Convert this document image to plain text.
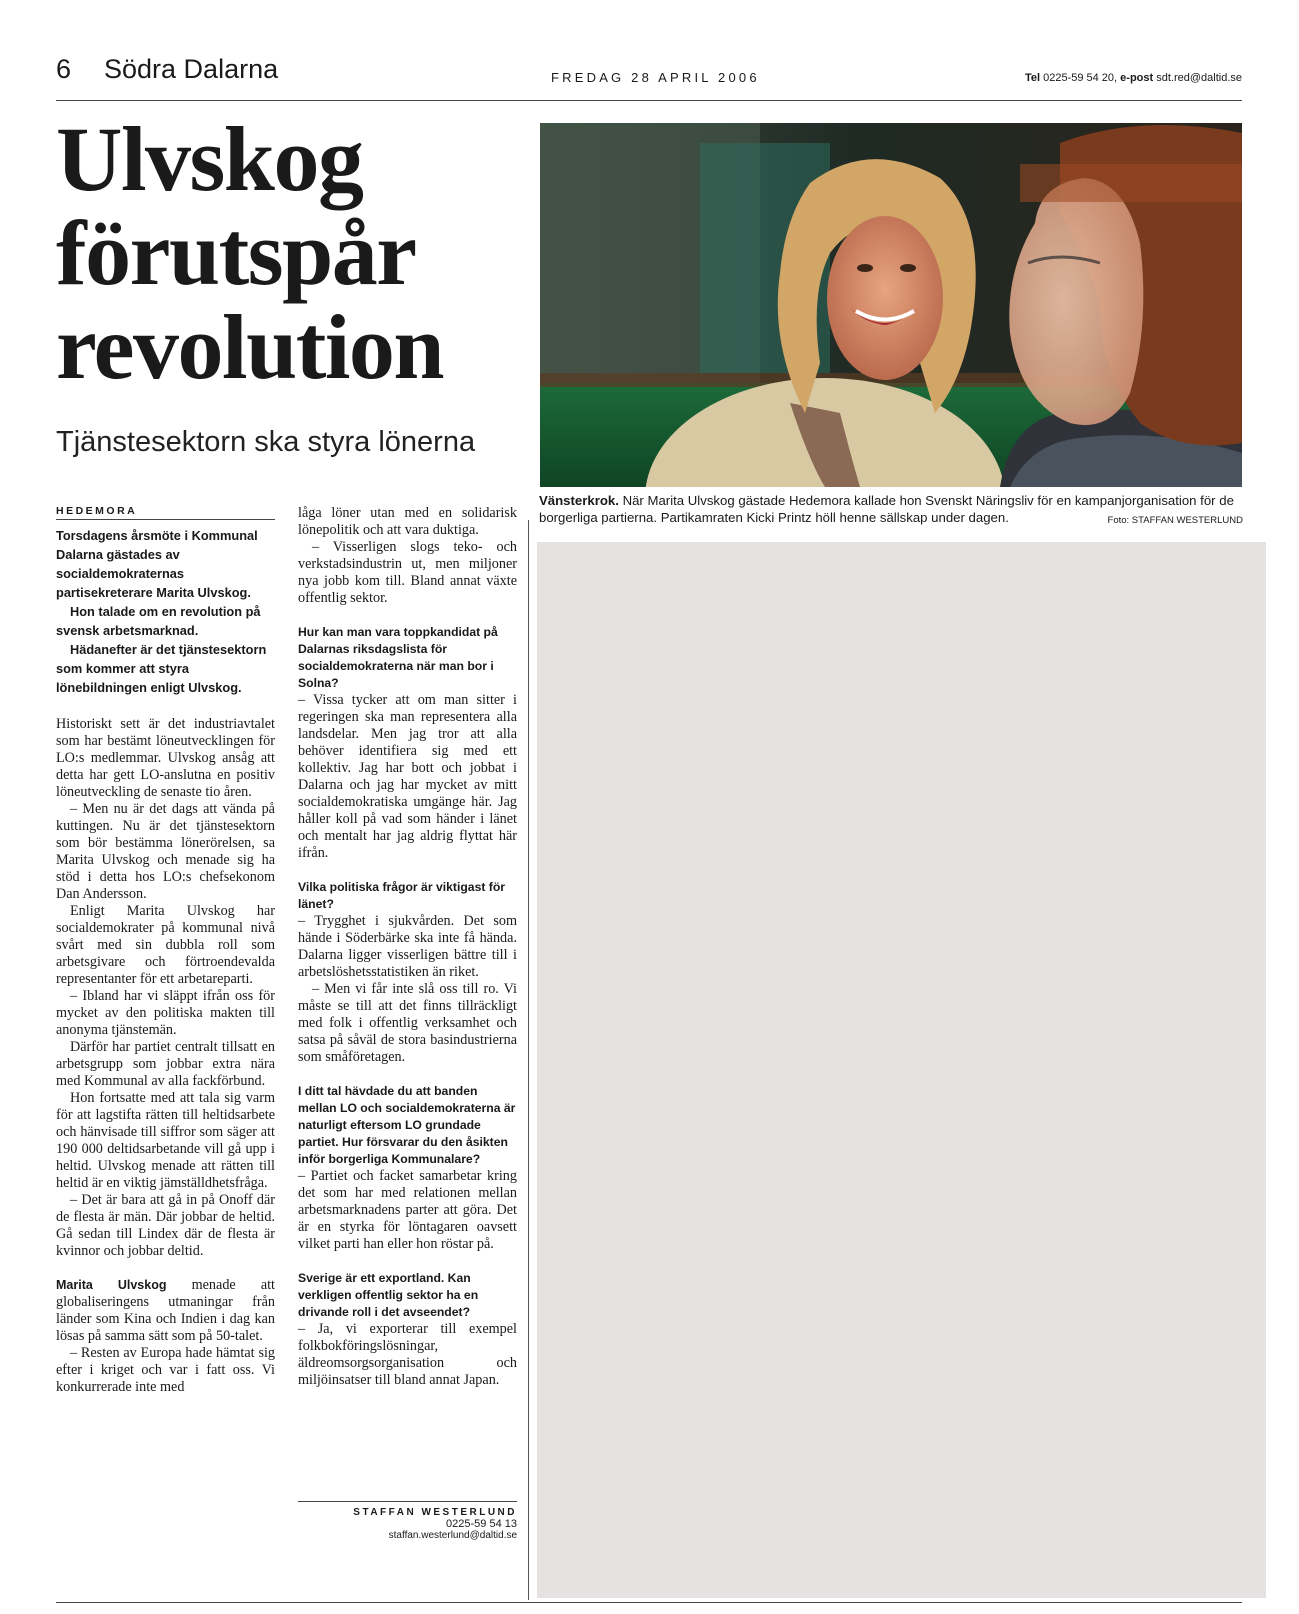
6 Södra Dalarna	FREDAG 28 APRIL 2006	Tel 0225-59 54 20, e-post sdt.red@daltid.se
Ulvskog
förutspår
revolution
Tjänstesektorn ska styra lönerna
Vänsterkrok. När Marita Ulvskog gästade Hedemora kallade hon Svenskt Näringsliv för en kampanjorganisation för de borgerliga partierna. Partikamraten Kicki Printz höll henne sällskap under dagen.	Foto: STAFFAN WESTERLUND
HEDEMORA

Torsdagens årsmöte i Kommunal Dalarna gästades av socialdemokraternas partisekreterare Marita Ulvskog.

Hon talade om en revolution på svensk arbetsmarknad.

Hädanefter är det tjänstesektorn som kommer att styra lönebildningen enligt Ulvskog.

Historiskt sett är det industriavtalet som har bestämt löneutvecklingen för LO:s medlemmar. Ulvskog ansåg att detta har gett LO-anslutna en positiv löneutveckling de senaste tio åren.

– Men nu är det dags att vända på kuttingen. Nu är det tjänstesektorn som bör bestämma lönerörelsen, sa Marita Ulvskog och menade sig ha stöd i detta hos LO:s chefsekonom Dan Andersson.

Enligt Marita Ulvskog har socialdemokrater på kommunal nivå svårt med sin dubbla roll som arbetsgivare och förtroendevalda representanter för ett arbetareparti.

– Ibland har vi släppt ifrån oss för mycket av den politiska makten till anonyma tjänstemän.

Därför har partiet centralt tillsatt en arbetsgrupp som jobbar extra nära med Kommunal av alla fackförbund.

Hon fortsatte med att tala sig varm för att lagstifta rätten till heltidsarbete och hänvisade till siffror som säger att 190 000 deltidsarbetande vill gå upp i heltid. Ulvskog menade att rätten till heltid är en viktig jämställdhetsfråga.

– Det är bara att gå in på Onoff där de flesta är män. Där jobbar de heltid. Gå sedan till Lindex där de flesta är kvinnor och jobbar deltid.

Marita Ulvskog menade att globaliseringens utmaningar från länder som Kina och Indien i dag kan lösas på samma sätt som på 50-talet.

– Resten av Europa hade hämtat sig efter i kriget och var i fatt oss. Vi konkurrerade inte med

låga löner utan med en solidarisk lönepolitik och att vara duktiga.

– Visserligen slogs teko- och verkstadsindustrin ut, men miljoner nya jobb kom till. Bland annat växte offentlig sektor.

Hur kan man vara toppkandidat på Dalarnas riksdagslista för socialdemokraterna när man bor i Solna?

– Vissa tycker att om man sitter i regeringen ska man representera alla landsdelar. Men jag tror att alla behöver identifiera sig med ett kollektiv. Jag har bott och jobbat i Dalarna och jag har mycket av mitt socialdemokratiska umgänge här. Jag håller koll på vad som händer i länet och mentalt har jag aldrig flyttat här ifrån.

Vilka politiska frågor är viktigast för länet?

– Trygghet i sjukvården. Det som hände i Söderbärke ska inte få hända. Dalarna ligger visserligen bättre till i arbetslöshetsstatistiken än riket.

– Men vi får inte slå oss till ro. Vi måste se till att det finns tillräckligt med folk i offentlig verksamhet och satsa på såväl de stora basindustrierna som småföretagen.

I ditt tal hävdade du att banden mellan LO och socialdemokraterna är naturligt eftersom LO grundade partiet. Hur försvarar du den åsikten inför borgerliga Kommunalare?

– Partiet och facket samarbetar kring det som har med relationen mellan arbetsmarknadens parter att göra. Det är en styrka för löntagaren oavsett vilket parti han eller hon röstar på.

Sverige är ett exportland. Kan verkligen offentlig sektor ha en drivande roll i det avseendet?

– Ja, vi exporterar till exempel folkbokföringslösningar, äldreomsorgsorganisation och miljöinsatser till bland annat Japan.

STAFFAN WESTERLUND
0225-59 54 13
staffan.westerlund@daltid.se
